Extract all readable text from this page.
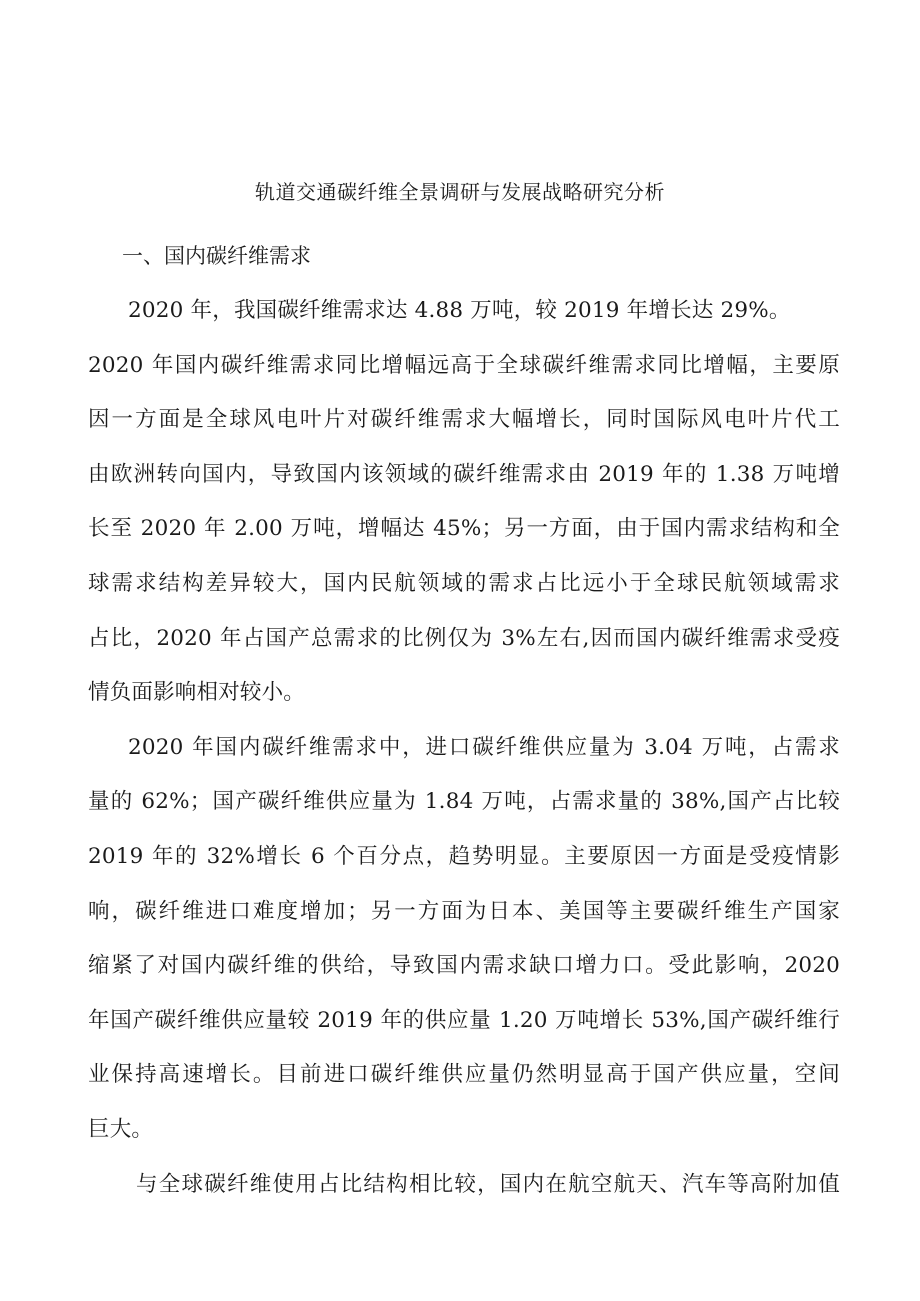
轨道交通碳纤维全景调研与发展战略研究分析
一、国内碳纤维需求
2020 年，我国碳纤维需求达 4.88 万吨，较 2019 年增长达 29%。
2020 年国内碳纤维需求同比增幅远高于全球碳纤维需求同比增幅，主要原
因一方面是全球风电叶片对碳纤维需求大幅增长，同时国际风电叶片代工
由欧洲转向国内，导致国内该领域的碳纤维需求由 2019 年的 1.38 万吨增
长至 2020 年 2.00 万吨，增幅达 45%；另一方面，由于国内需求结构和全
球需求结构差异较大，国内民航领域的需求占比远小于全球民航领域需求
占比，2020 年占国产总需求的比例仅为 3%左右,因而国内碳纤维需求受疫
情负面影响相对较小。
2020 年国内碳纤维需求中，进口碳纤维供应量为 3.04 万吨，占需求
量的 62%；国产碳纤维供应量为 1.84 万吨，占需求量的 38%,国产占比较
2019 年的 32%增长 6 个百分点，趋势明显。主要原因一方面是受疫情影
响，碳纤维进口难度增加；另一方面为日本、美国等主要碳纤维生产国家
缩紧了对国内碳纤维的供给，导致国内需求缺口增力口。受此影响，2020
年国产碳纤维供应量较 2019 年的供应量 1.20 万吨增长 53%,国产碳纤维行
业保持高速增长。目前进口碳纤维供应量仍然明显高于国产供应量，空间
巨大。
与全球碳纤维使用占比结构相比较，国内在航空航天、汽车等高附加值
